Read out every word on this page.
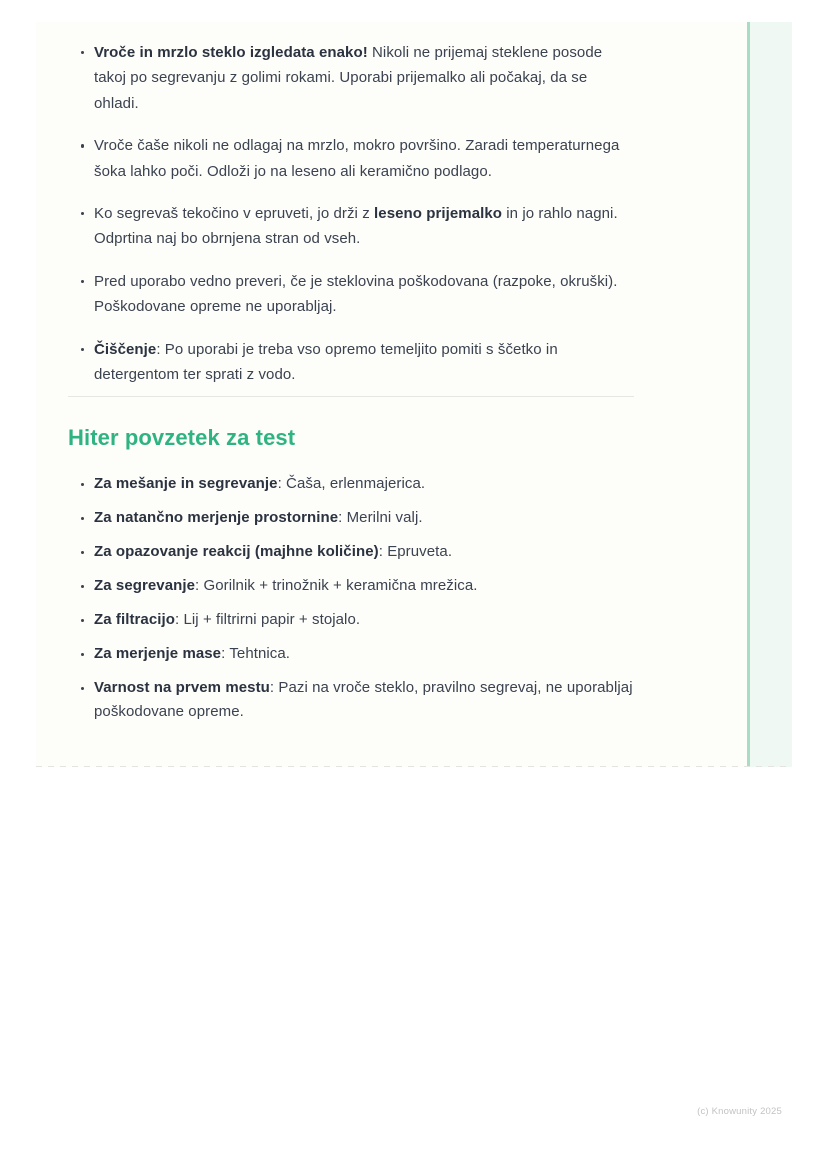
Vroče in mrzlo steklo izgledata enako! Nikoli ne prijemaj steklene posode takoj po segrevanju z golimi rokami. Uporabi prijemalko ali počakaj, da se ohladi.
Vroče čaše nikoli ne odlagaj na mrzlo, mokro površino. Zaradi temperaturnega šoka lahko poči. Odloži jo na leseno ali keramično podlago.
Ko segrevaš tekočino v epruveti, jo drži z leseno prijemalko in jo rahlo nagni. Odprtina naj bo obrnjena stran od vseh.
Pred uporabo vedno preveri, če je steklovina poškodovana (razpoke, okruški). Poškodovane opreme ne uporabljaj.
Čiščenje: Po uporabi je treba vso opremo temeljito pomiti s ščetko in detergentom ter sprati z vodo.
Hiter povzetek za test
Za mešanje in segrevanje: Čaša, erlenmajerica.
Za natančno merjenje prostornine: Merilni valj.
Za opazovanje reakcij (majhne količine): Epruveta.
Za segrevanje: Gorilnik + trinožnik + keramična mrežica.
Za filtracijo: Lij + filtrirni papir + stojalo.
Za merjenje mase: Tehtnica.
Varnost na prvem mestu: Pazi na vroče steklo, pravilno segrevaj, ne uporabljaj poškodovane opreme.
(c) Knowunity 2025
